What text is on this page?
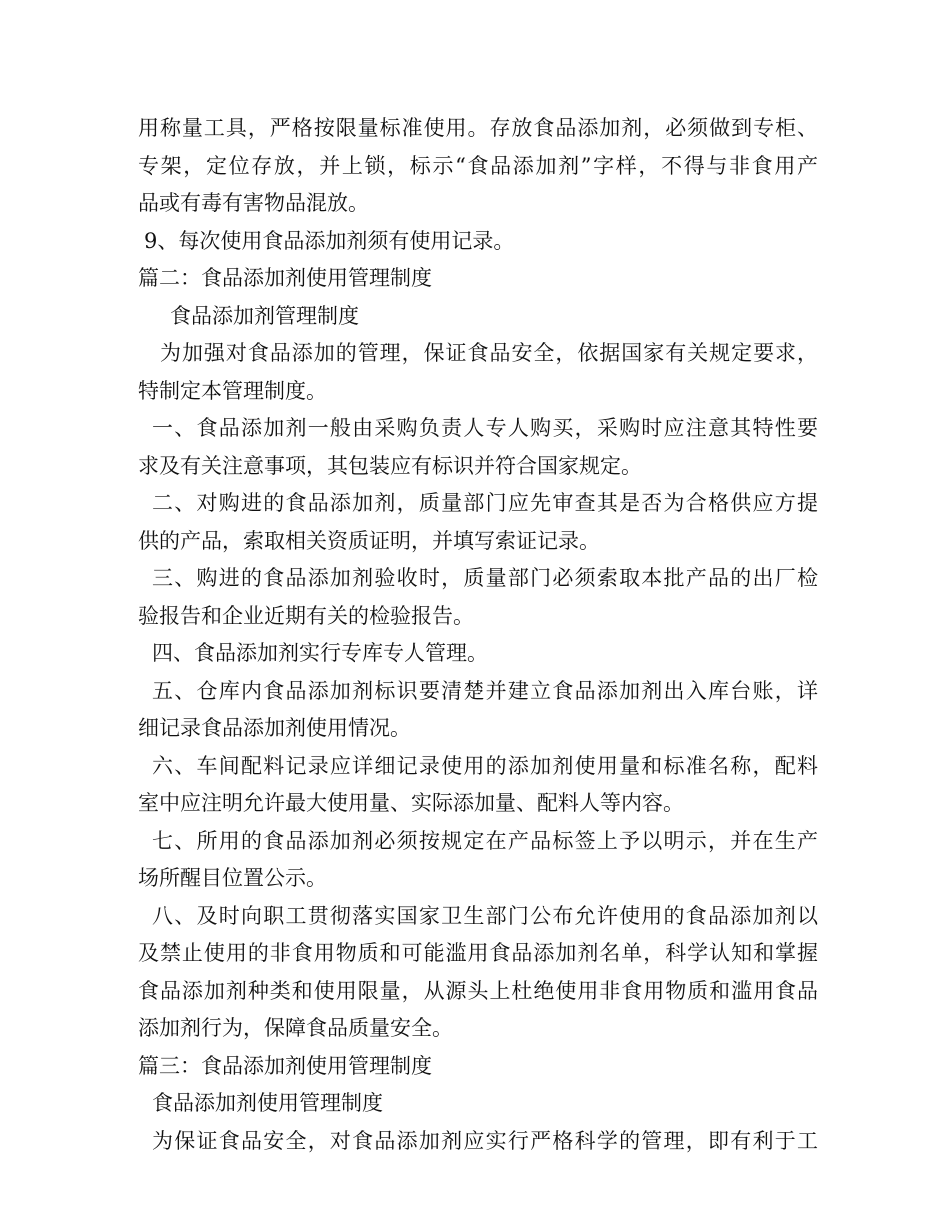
用称量工具，严格按限量标准使用。存放食品添加剂，必须做到专柜、
专架，定位存放，并上锁，标示“食品添加剂”字样，不得与非食用产
品或有毒有害物品混放。
9、每次使用食品添加剂须有使用记录。
篇二：食品添加剂使用管理制度
食品添加剂管理制度
为加强对食品添加的管理，保证食品安全，依据国家有关规定要求，
特制定本管理制度。
一、食品添加剂一般由采购负责人专人购买，采购时应注意其特性要
求及有关注意事项，其包装应有标识并符合国家规定。
二、对购进的食品添加剂，质量部门应先审查其是否为合格供应方提
供的产品，索取相关资质证明，并填写索证记录。
三、购进的食品添加剂验收时，质量部门必须索取本批产品的出厂检
验报告和企业近期有关的检验报告。
四、食品添加剂实行专库专人管理。
五、仓库内食品添加剂标识要清楚并建立食品添加剂出入库台账，详
细记录食品添加剂使用情况。
六、车间配料记录应详细记录使用的添加剂使用量和标准名称，配料
室中应注明允许最大使用量、实际添加量、配料人等内容。
七、所用的食品添加剂必须按规定在产品标签上予以明示，并在生产
场所醒目位置公示。
八、及时向职工贯彻落实国家卫生部门公布允许使用的食品添加剂以
及禁止使用的非食用物质和可能滥用食品添加剂名单，科学认知和掌握
食品添加剂种类和使用限量，从源头上杜绝使用非食用物质和滥用食品
添加剂行为，保障食品质量安全。
篇三：食品添加剂使用管理制度
食品添加剂使用管理制度
为保证食品安全，对食品添加剂应实行严格科学的管理，即有利于工
